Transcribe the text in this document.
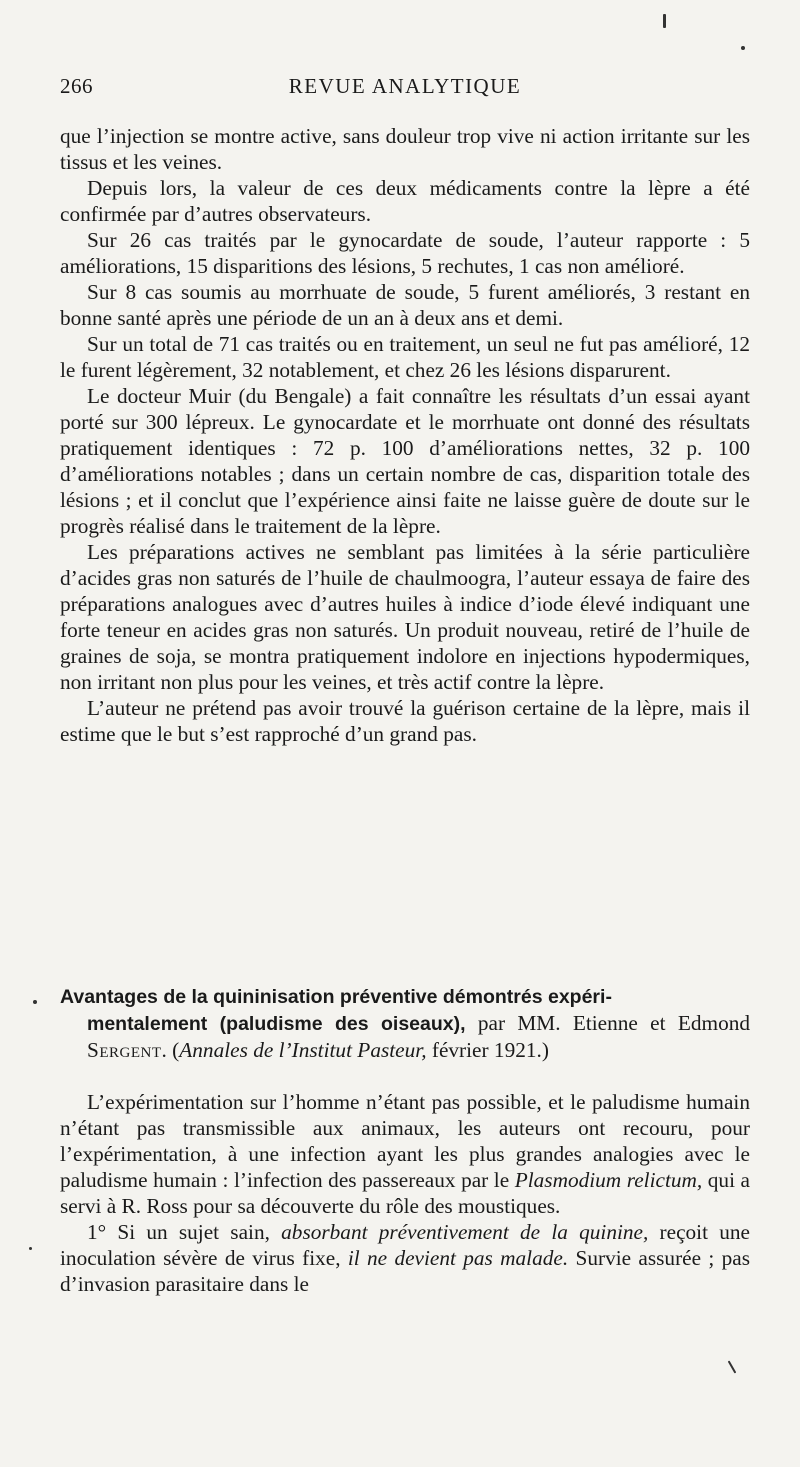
266	REVUE ANALYTIQUE

que l’injection se montre active, sans douleur trop vive ni action irritante sur les tissus et les veines.

Depuis lors, la valeur de ces deux médicaments contre la lèpre a été confirmée par d’autres observateurs.

Sur 26 cas traités par le gynocardate de soude, l’auteur rapporte : 5 améliorations, 15 disparitions des lésions, 5 rechutes, 1 cas non amélioré.

Sur 8 cas soumis au morrhuate de soude, 5 furent améliorés, 3 restant en bonne santé après une période de un an à deux ans et demi.

Sur un total de 71 cas traités ou en traitement, un seul ne fut pas amélioré, 12 le furent légèrement, 32 notablement, et chez 26 les lésions disparurent.

Le docteur Muir (du Bengale) a fait connaître les résultats d’un essai ayant porté sur 300 lépreux. Le gynocardate et le morrhuate ont donné des résultats pratiquement identiques : 72 p. 100 d’améliorations nettes, 32 p. 100 d’améliorations notables ; dans un certain nombre de cas, disparition totale des lésions ; et il conclut que l’expérience ainsi faite ne laisse guère de doute sur le progrès réalisé dans le traitement de la lèpre.

Les préparations actives ne semblant pas limitées à la série particulière d’acides gras non saturés de l’huile de chaulmoogra, l’auteur essaya de faire des préparations analogues avec d’autres huiles à indice d’iode élevé indiquant une forte teneur en acides gras non saturés. Un produit nouveau, retiré de l’huile de graines de soja, se montra pratiquement indolore en injections hypodermiques, non irritant non plus pour les veines, et très actif contre la lèpre.

L’auteur ne prétend pas avoir trouvé la guérison certaine de la lèpre, mais il estime que le but s’est rapproché d’un grand pas.

Avantages de la quininisation préventive démontrés expéri-
mentalement (paludisme des oiseaux), par MM. Etienne et Edmond Sergent. (Annales de l’Institut Pasteur, février 1921.)

L’expérimentation sur l’homme n’étant pas possible, et le paludisme humain n’étant pas transmissible aux animaux, les auteurs ont recouru, pour l’expérimentation, à une infection ayant les plus grandes analogies avec le paludisme humain : l’infection des passereaux par le Plasmodium relictum, qui a servi à R. Ross pour sa découverte du rôle des moustiques.

1° Si un sujet sain, absorbant préventivement de la quinine, reçoit une inoculation sévère de virus fixe, il ne devient pas malade. Survie assurée ; pas d’invasion parasitaire dans le
